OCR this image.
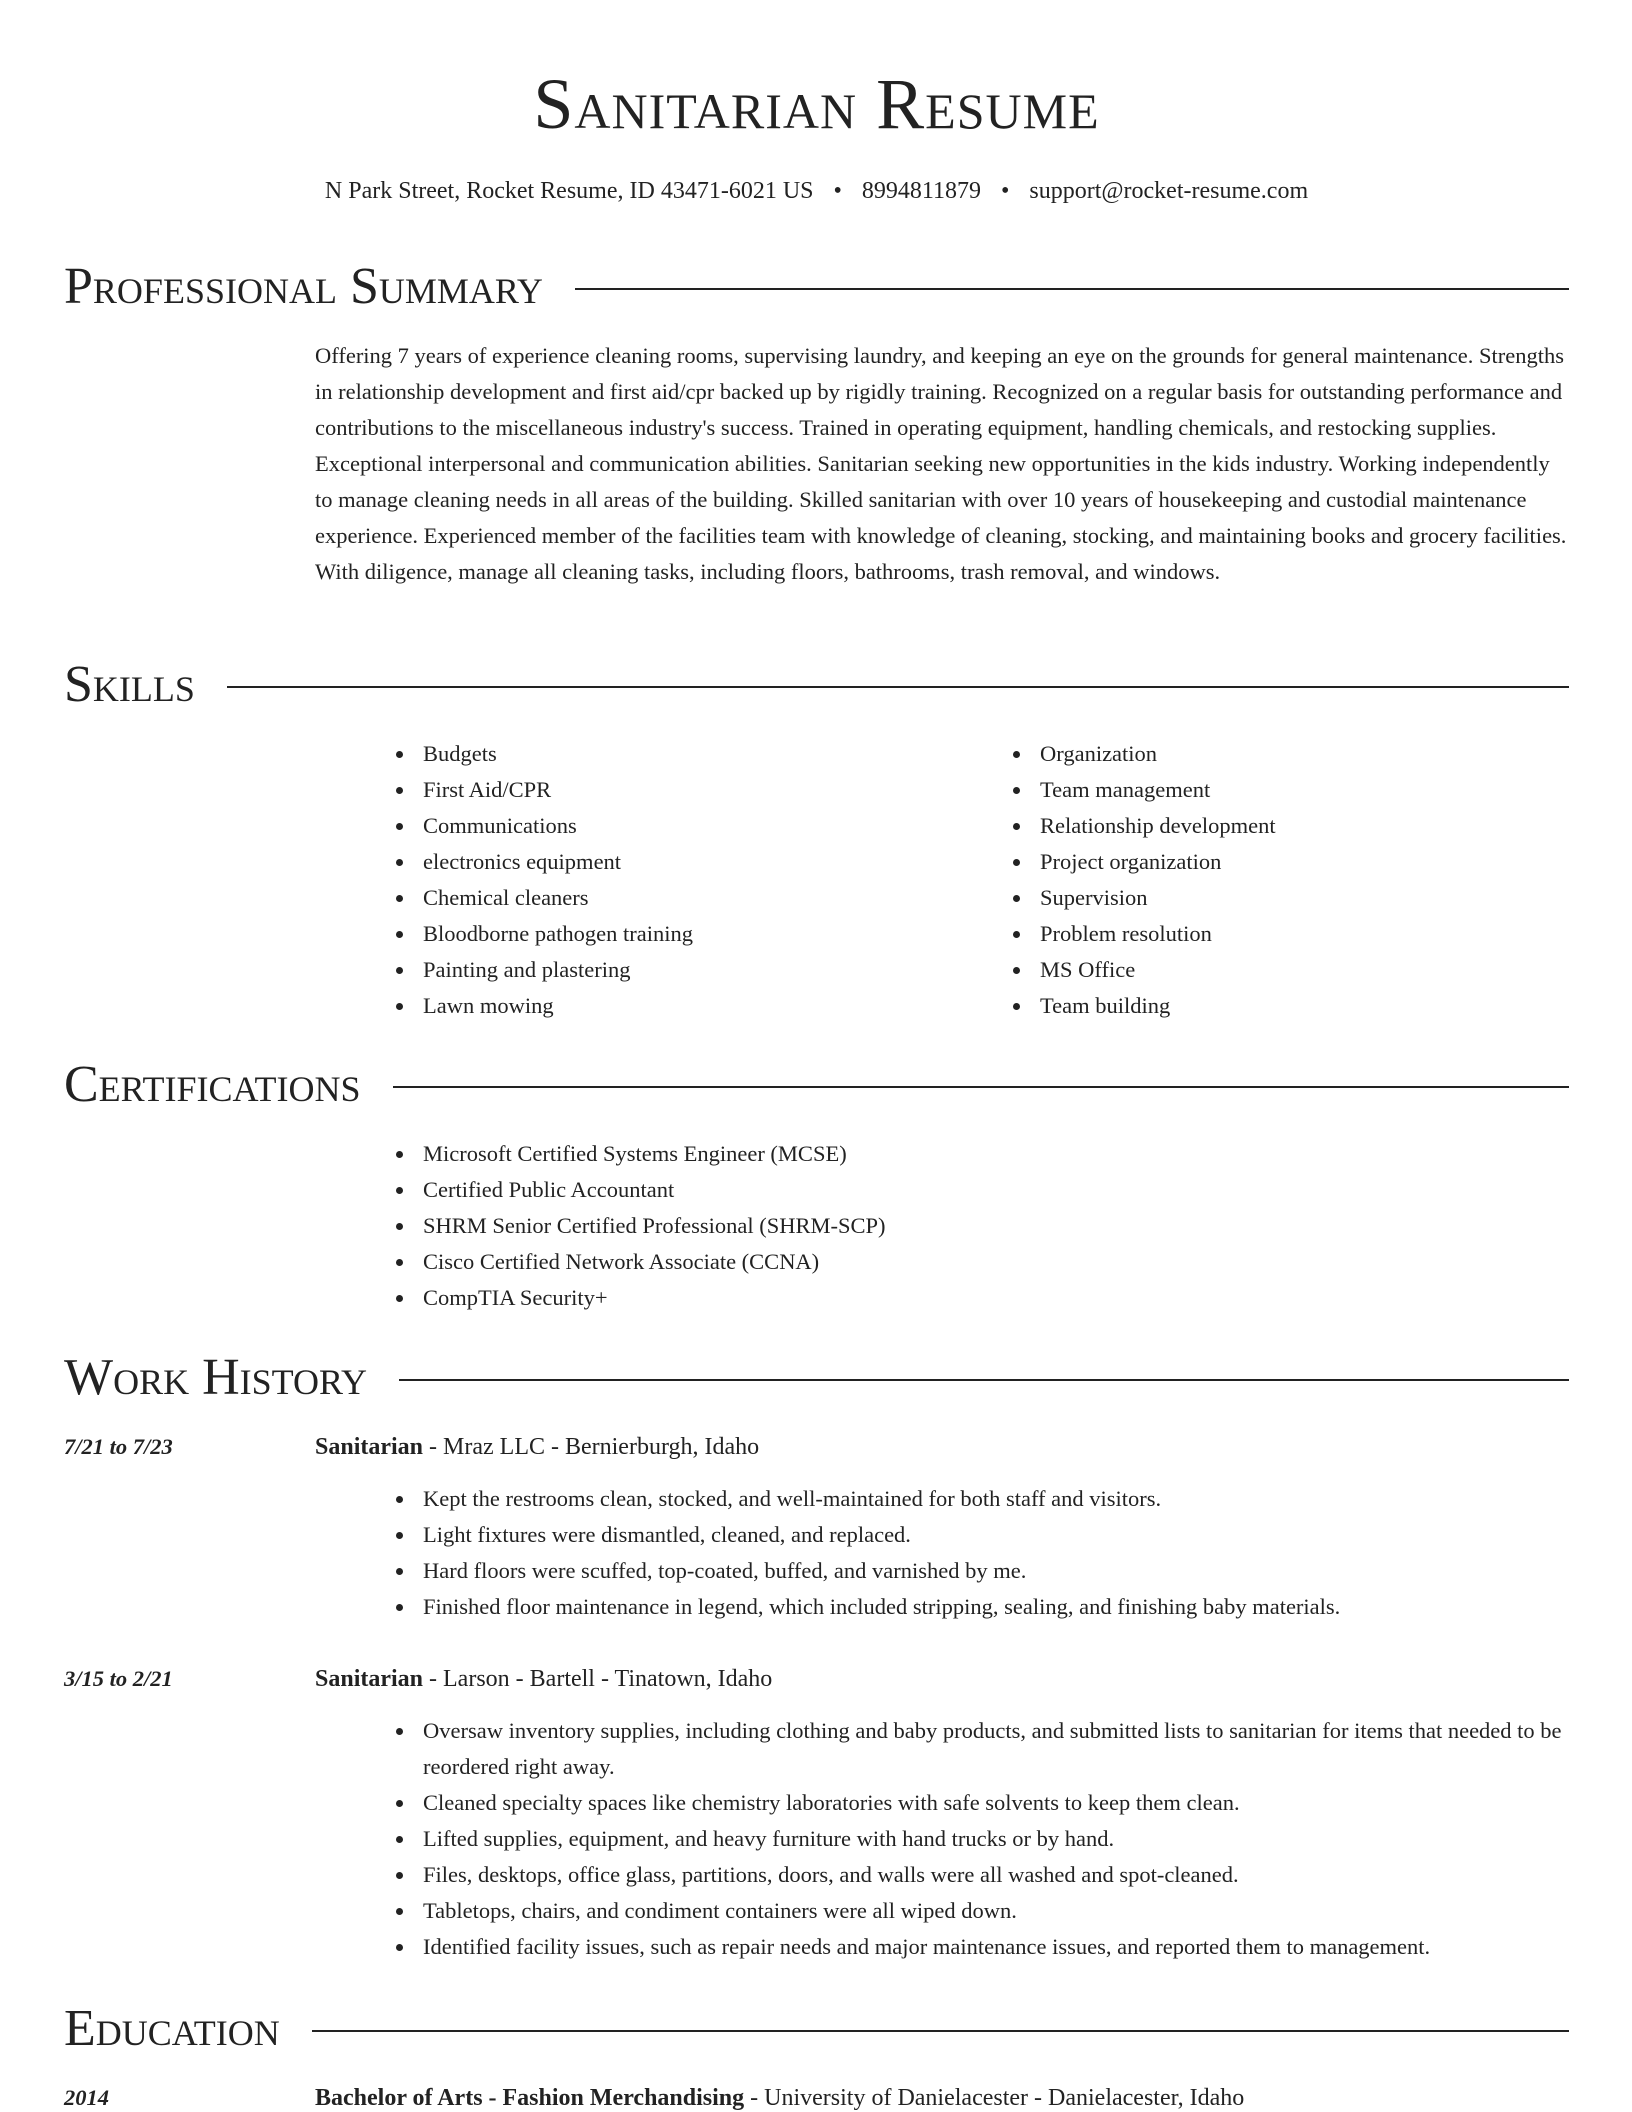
Sanitarian Resume
N Park Street, Rocket Resume, ID 43471-6021 US • 8994811879 • support@rocket-resume.com
Professional Summary

Offering 7 years of experience cleaning rooms, supervising laundry, and keeping an eye on the grounds for general maintenance. Strengths in relationship development and first aid/cpr backed up by rigidly training. Recognized on a regular basis for outstanding performance and contributions to the miscellaneous industry's success. Trained in operating equipment, handling chemicals, and restocking supplies. Exceptional interpersonal and communication abilities. Sanitarian seeking new opportunities in the kids industry. Working independently to manage cleaning needs in all areas of the building. Skilled sanitarian with over 10 years of housekeeping and custodial maintenance experience. Experienced member of the facilities team with knowledge of cleaning, stocking, and maintaining books and grocery facilities. With diligence, manage all cleaning tasks, including floors, bathrooms, trash removal, and windows.

Skills
Budgets
First Aid/CPR
Communications
electronics equipment
Chemical cleaners
Bloodborne pathogen training
Painting and plastering
Lawn mowing
Organization
Team management
Relationship development
Project organization
Supervision
Problem resolution
MS Office
Team building
Certifications
Microsoft Certified Systems Engineer (MCSE)
Certified Public Accountant
SHRM Senior Certified Professional (SHRM-SCP)
Cisco Certified Network Associate (CCNA)
CompTIA Security+
Work History
7/21 to 7/23	Sanitarian - Mraz LLC - Bernierburgh, Idaho
Kept the restrooms clean, stocked, and well-maintained for both staff and visitors.
Light fixtures were dismantled, cleaned, and replaced.
Hard floors were scuffed, top-coated, buffed, and varnished by me.
Finished floor maintenance in legend, which included stripping, sealing, and finishing baby materials.
3/15 to 2/21	Sanitarian - Larson - Bartell - Tinatown, Idaho
Oversaw inventory supplies, including clothing and baby products, and submitted lists to sanitarian for items that needed to be reordered right away.
Cleaned specialty spaces like chemistry laboratories with safe solvents to keep them clean.
Lifted supplies, equipment, and heavy furniture with hand trucks or by hand.
Files, desktops, office glass, partitions, doors, and walls were all washed and spot-cleaned.
Tabletops, chairs, and condiment containers were all wiped down.
Identified facility issues, such as repair needs and major maintenance issues, and reported them to management.
Education
2014	Bachelor of Arts - Fashion Merchandising - University of Danielacester - Danielacester, Idaho
